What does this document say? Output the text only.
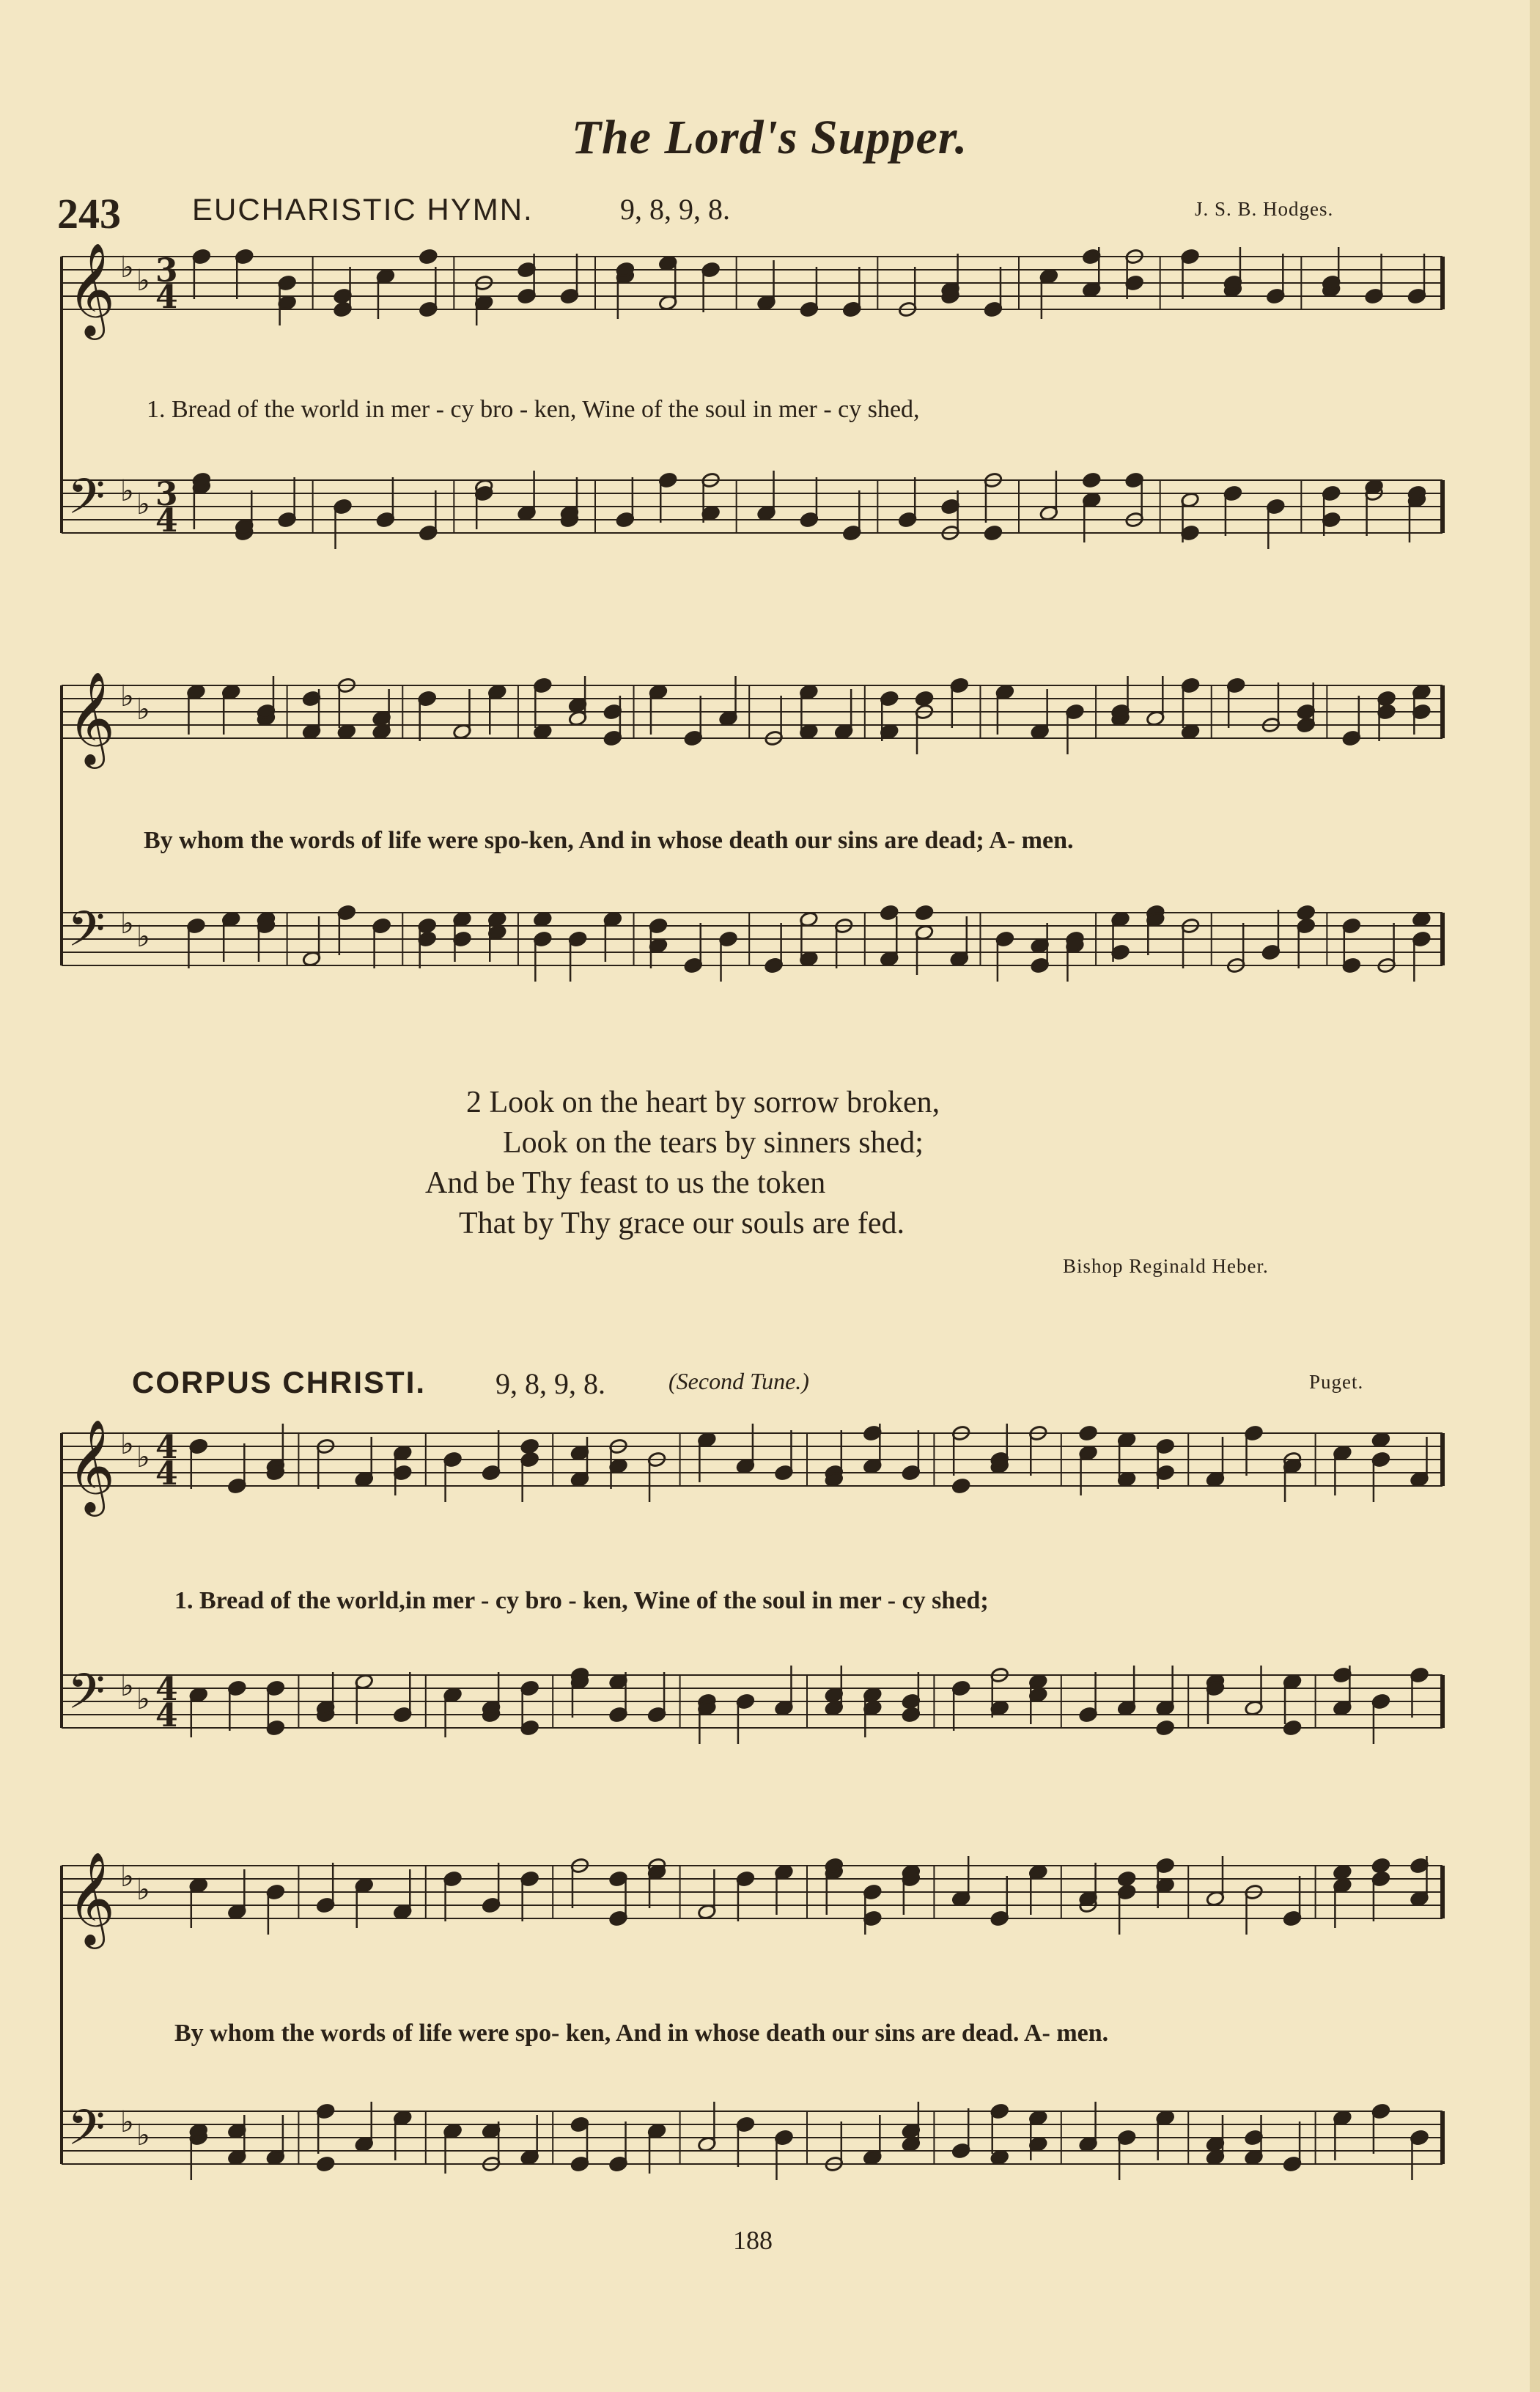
𝄞 ♭ ♭
𝄢 ♭ ♭
𝄞 ♭ ♭
𝄢 ♭ ♭
𝄞 ♭ ♭
𝄢 ♭ ♭
𝄞 ♭ ♭
𝄢 ♭ ♭
3
4
3
4
4
4
4
4
The Lord's Supper.
243 EUCHARISTIC HYMN.	9, 8, 9, 8.	J. S. B. Hodges.
1. Bread of the world in mer - cy bro - ken, Wine of the soul in mer - cy shed,
By whom the words of life were spo-ken, And in whose death our sins are dead; A- men.
2 Look on the heart by sorrow broken,
Look on the tears by sinners shed;
And be Thy feast to us the token
That by Thy grace our souls are fed.
Bishop Reginald Heber.
CORPUS CHRISTI. 9, 8, 9, 8.	(Second Tune.)	Puget.
1. Bread of the world,in mer - cy bro - ken, Wine of the soul in mer - cy shed;
By whom the words of life were spo- ken, And in whose death our sins are dead. A- men.
188
